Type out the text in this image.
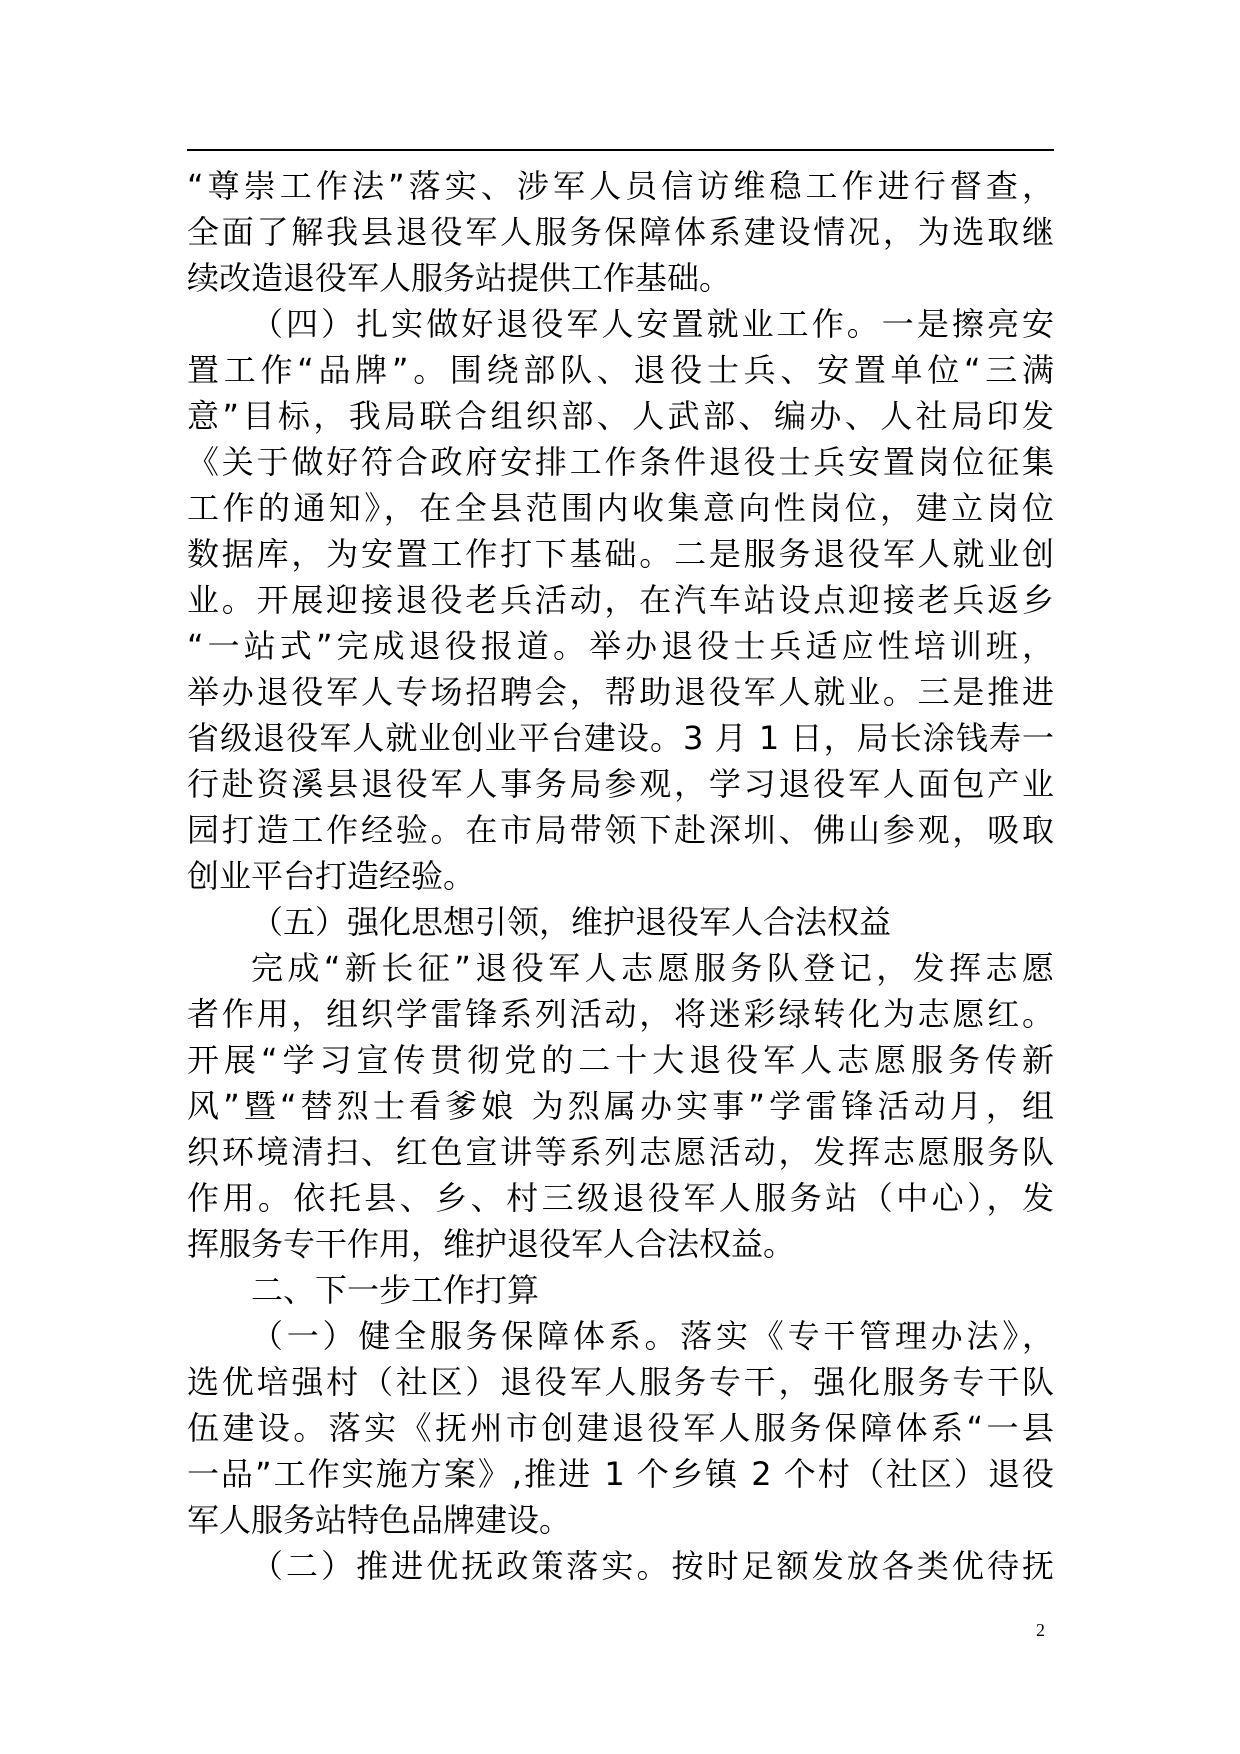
“尊崇工作法”落实、涉军人员信访维稳工作进行督查，
全面了解我县退役军人服务保障体系建设情况，为选取继
续改造退役军人服务站提供工作基础。
（四）扎实做好退役军人安置就业工作。一是擦亮安
置工作“品牌”。围绕部队、退役士兵、安置单位“三满
意”目标，我局联合组织部、人武部、编办、人社局印发
《关于做好符合政府安排工作条件退役士兵安置岗位征集
工作的通知》，在全县范围内收集意向性岗位，建立岗位
数据库，为安置工作打下基础。二是服务退役军人就业创
业。开展迎接退役老兵活动，在汽车站设点迎接老兵返乡
“一站式”完成退役报道。举办退役士兵适应性培训班，
举办退役军人专场招聘会，帮助退役军人就业。三是推进
省级退役军人就业创业平台建设。3 月 1 日，局长涂钱寿一
行赴资溪县退役军人事务局参观，学习退役军人面包产业
园打造工作经验。在市局带领下赴深圳、佛山参观，吸取
创业平台打造经验。
（五）强化思想引领，维护退役军人合法权益
完成“新长征”退役军人志愿服务队登记，发挥志愿
者作用，组织学雷锋系列活动，将迷彩绿转化为志愿红。
开展“学习宣传贯彻党的二十大退役军人志愿服务传新
风”暨“替烈士看爹娘 为烈属办实事”学雷锋活动月，组
织环境清扫、红色宣讲等系列志愿活动，发挥志愿服务队
作用。依托县、乡、村三级退役军人服务站（中心），发
挥服务专干作用，维护退役军人合法权益。
二、下一步工作打算
（一）健全服务保障体系。落实《专干管理办法》，
选优培强村（社区）退役军人服务专干，强化服务专干队
伍建设。落实《抚州市创建退役军人服务保障体系“一县
一品”工作实施方案》,推进 1 个乡镇 2 个村（社区）退役
军人服务站特色品牌建设。
（二）推进优抚政策落实。按时足额发放各类优待抚
2
